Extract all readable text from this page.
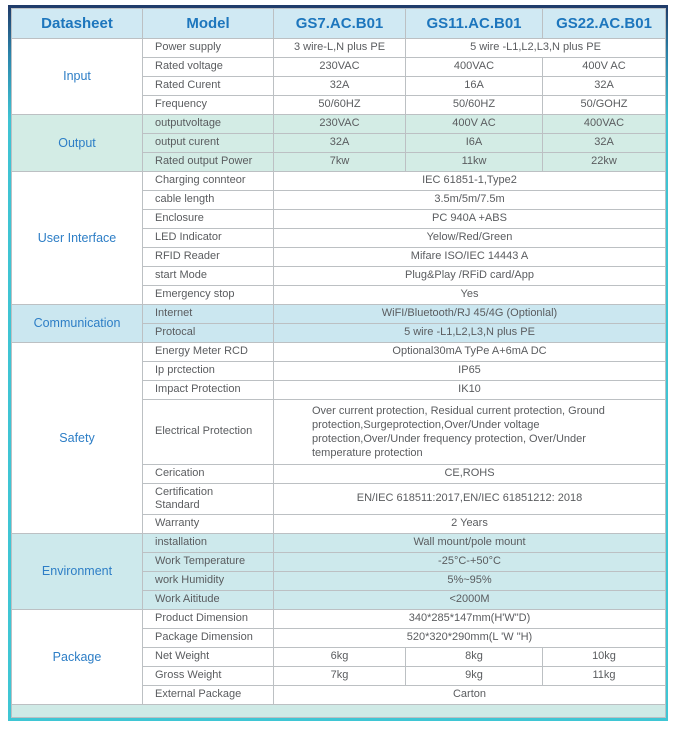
Datasheet	Model	GS7.AC.B01	GS11.AC.B01	GS22.AC.B01
Input	Power supply	3 wire-L,N plus PE	5 wire -L1,L2,L3,N plus PE	
	Rated voltage	230VAC	400VAC	400V AC
	Rated Curent	32A	16A	32A
	Frequency	50/60HZ	50/60HZ	50/GOHZ
Output	outputvoltage	230VAC	400V AC	400VAC
	output curent	32A	I6A	32A
	Rated output Power	7kw	11kw	22kw
User Interface	Charging connteor	IEC 61851-1,Type2		
	cable length	3.5m/5m/7.5m		
	Enclosure	PC 940A +ABS		
	LED Indicator	Yelow/Red/Green		
	RFID Reader	Mifare ISO/IEC 14443 A		
	start Mode	Plug&Play /RFiD card/App		
	Emergency stop	Yes		
Communication	Internet	WiFI/Bluetooth/RJ 45/4G (Optionlal)		
	Protocal	5 wire -L1,L2,L3,N plus PE		
Safety	Energy Meter RCD	Optional30mA TyPe A+6mA DC		
	Ip prctection	IP65		
	Impact Protection	IK10		
	Electrical Protection	Over current protection, Residual current protection, Ground protection,Surgeprotection,Over/Under voltage protection,Over/Under frequency protection, Over/Under temperature protection		
	Cerication	CE,ROHS		
	Certification Standard	EN/IEC 618511:2017,EN/IEC 61851212: 2018		
	Warranty	2 Years		
Environment	installation	Wall mount/pole mount		
	Work Temperature	-25°C-+50°C		
	work Humidity	5%~95%		
	Work Aititude	<2000M		
Package	Product Dimension	340*285*147mm(H'W"D)		
	Package Dimension	520*320*290mm(L 'W "H)		
	Net Weight	6kg	8kg	10kg
	Gross Weight	7kg	9kg	11kg
	External Package	Carton		
